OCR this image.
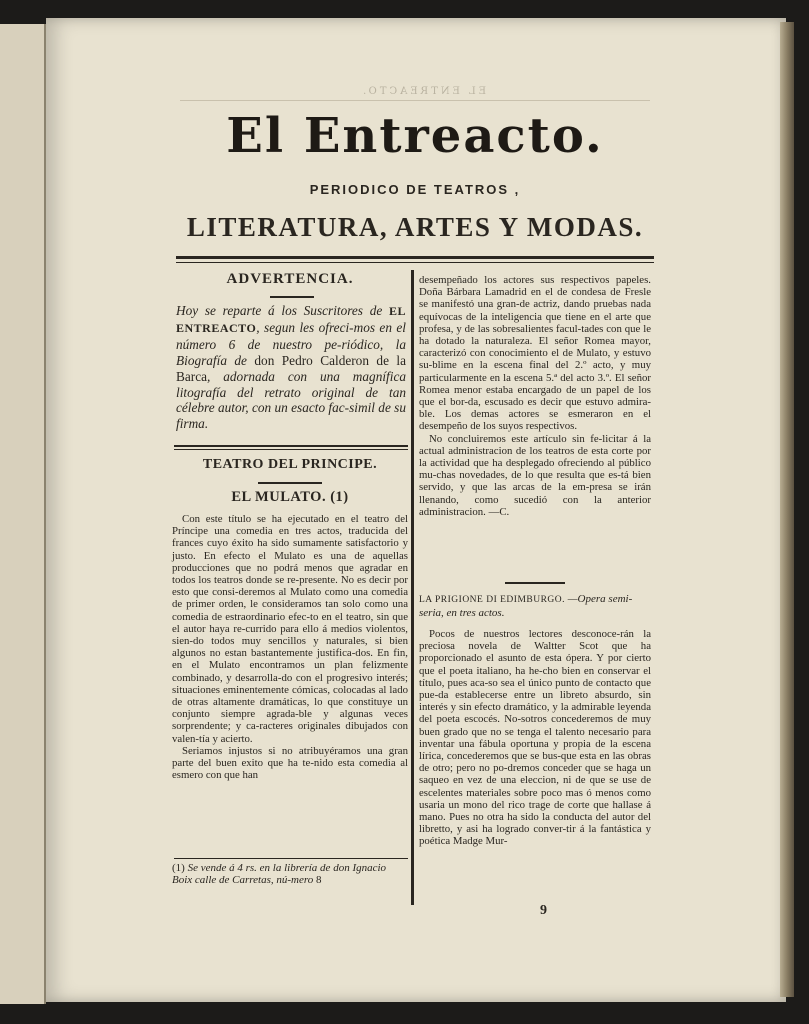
EL ENTREACTO.
El Entreacto.
PERIODICO DE TEATROS ,
LITERATURA, ARTES Y MODAS.
ADVERTENCIA.
Hoy se reparte á los Suscritores de EL ENTREACTO, segun les ofreci-mos en el número 6 de nuestro pe-riódico, la Biografía de don Pedro Calderon de la Barca, adornada con una magnífica litografía del retrato original de tan célebre autor, con un esacto fac-simil de su firma.
TEATRO DEL PRINCIPE.
EL MULATO. (1)

Con este título se ha ejecutado en el teatro del Príncipe una comedia en tres actos, traducida del frances cuyo éxito ha sido sumamente satisfactorio y justo. En efecto el Mulato es una de aquellas producciones que no podrá menos que agradar en todos los teatros donde se re-presente. No es decir por esto que consi-deremos al Mulato como una comedia de primer orden, le consideramos tan solo como una comedia de estraordinario efec-to en el teatro, sin que el autor haya re-currido para ello á medios violentos, sien-do todos muy sencillos y naturales, si bien algunos no estan bastantemente justifica-dos. En fin, en el Mulato encontramos un plan felizmente combinado, y desarrolla-do con el progresivo interés; situaciones eminentemente cómicas, colocadas al lado de otras altamente dramáticas, lo que constituye un conjunto siempre agrada-ble y algunas veces sorprendente; y ca-racteres originales dibujados con valen-tía y acierto.

Seriamos injustos si no atribuyéramos una gran parte del buen exito que ha te-nido esta comedia al esmero con que han

(1) Se vende á 4 rs. en la librería de don Ignacio Boix calle de Carretas, nú-mero 8

desempeñado los actores sus respectivos papeles. Doña Bárbara Lamadrid en el de condesa de Fresle se manifestó una gran-de actriz, dando pruebas nada equívocas de la inteligencia que tiene en el arte que profesa, y de las sobresalientes facul-tades con que le ha dotado la naturaleza. El señor Romea mayor, caracterizó con conocimiento el de Mulato, y estuvo su-blime en la escena final del 2.º acto, y muy particularmente en la escena 5.ª del acto 3.º. El señor Romea menor estaba encargado de un papel de los que el bor-da, escusado es decir que estuvo admira-ble. Los demas actores se esmeraron en el desempeño de los suyos respectivos.

No concluiremos este artículo sin fe-licitar á la actual administracion de los teatros de esta corte por la actividad que ha desplegado ofreciendo al público mu-chas novedades, de lo que resulta que es-tá bien servido, y que las arcas de la em-presa se irán llenando, como sucedió con la anterior administracion. —C.

LA PRIGIONE DI EDIMBURGO. —Opera semi-seria, en tres actos.

Pocos de nuestros lectores desconoce-rán la preciosa novela de Waltter Scot que ha proporcionado el asunto de esta ópera. Y por cierto que el poeta italiano, ha he-cho bien en conservar el título, pues aca-so sea el único punto de contacto que pue-da establecerse entre un libreto absurdo, sin interés y sin efecto dramático, y la admirable leyenda del poeta escocés. No-sotros concederemos de muy buen grado que no se tenga el talento necesario para inventar una fábula oportuna y propia de la escena lírica, concederemos que se bus-que esta en las obras de otro; pero no po-dremos conceder que se haga un saqueo en vez de una eleccion, ni de que se use de escelentes materiales sobre poco mas ó menos como usaria un mono del rico trage de corte que hallase á mano. Pues no otra ha sido la conducta del autor del libretto, y asi ha logrado conver-tir á la fantástica y poética Madge Mur-

9
